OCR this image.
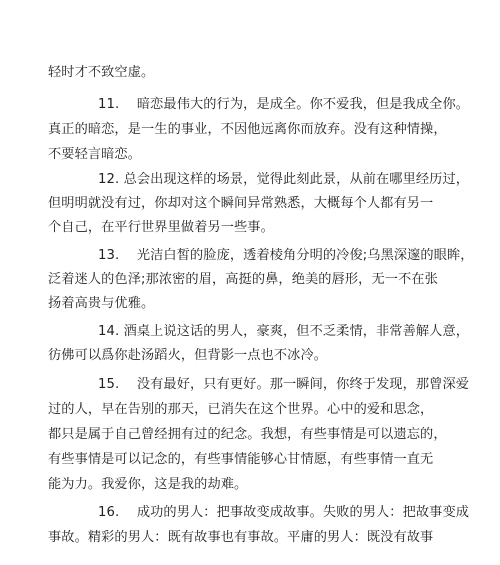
轻时才不致空虚。
11.　 暗恋最伟大的行为，是成全。你不爱我，但是我成全你。
真正的暗恋，是一生的事业，不因他远离你而放弃。没有这种情操，
不要轻言暗恋。
12. 总会出现这样的场景，觉得此刻此景，从前在哪里经历过，
但明明就没有过，你却对这个瞬间异常熟悉，大概每个人都有另一
个自己，在平行世界里做着另一些事。
13.　 光洁白皙的脸庞，透着棱角分明的冷俊;乌黑深邃的眼眸，
泛着迷人的色泽;那浓密的眉，高挺的鼻，绝美的唇形，无一不在张
扬着高贵与优雅。
14. 酒桌上说这话的男人，豪爽，但不乏柔情，非常善解人意，
彷佛可以爲你赴汤蹈火，但背影一点也不冰冷。
15.　 没有最好，只有更好。那一瞬间，你终于发现，那曾深爱
过的人，早在告别的那天，已消失在这个世界。心中的爱和思念，
都只是属于自己曾经拥有过的纪念。我想，有些事情是可以遗忘的，
有些事情是可以记念的，有些事情能够心甘情愿，有些事情一直无
能为力。我爱你，这是我的劫难。
16.　 成功的男人：把事故变成故事。失败的男人：把故事变成
事故。精彩的男人：既有故事也有事故。平庸的男人：既没有故事
